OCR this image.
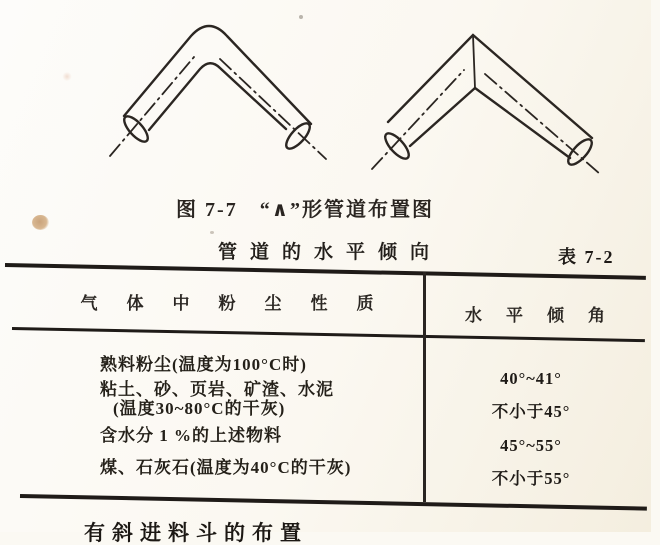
图 7-7　“∧”形管道布置图
管道的水平倾向	表 7-2
气体中粉尘性质
水平倾角
熟料粉尘(温度为100°C时)
40°~41°
粘土、砂、页岩、矿渣、水泥
(温度30~80°C的干灰)	不小于45°
含水分 1 %的上述物料
45°~55°
煤、石灰石(温度为40°C的干灰)
不小于55°
有斜进料斗的布置
